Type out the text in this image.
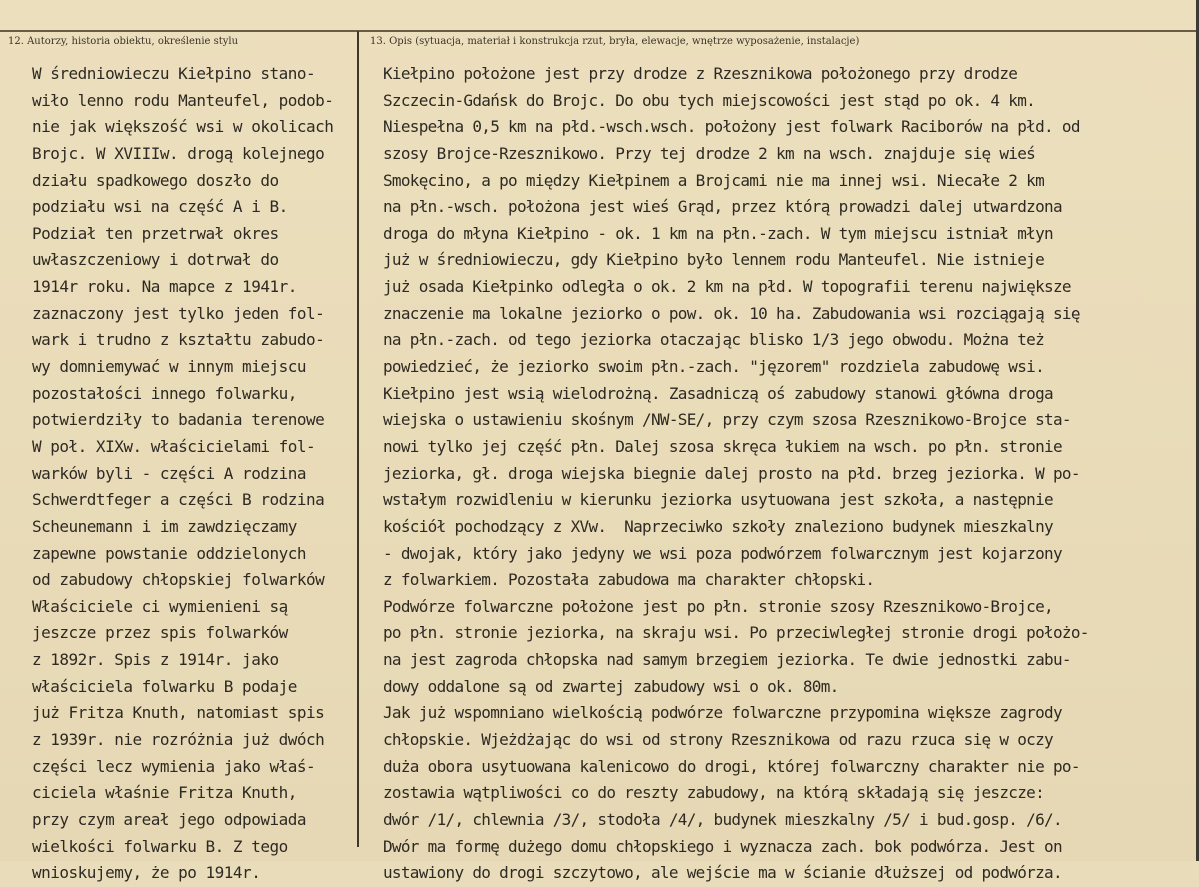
12. Autorzy, historia obiektu, określenie stylu	13. Opis (sytuacja, materiał i konstrukcja rzut, bryła, elewacje, wnętrze wyposażenie, instalacje)
W średniowieczu Kiełpino stano-
wiło lenno rodu Manteufel, podob-
nie jak większość wsi w okolicach
Brojc. W XVIIIw. drogą kolejnego
działu spadkowego doszło do
podziału wsi na część A i B.
Podział ten przetrwał okres
uwłaszczeniowy i dotrwał do
1914r roku. Na mapce z 1941r.
zaznaczony jest tylko jeden fol-
wark i trudno z kształtu zabudo-
wy domniemywać w innym miejscu
pozostałości innego folwarku,
potwierdziły to badania terenowe
W poł. XIXw. właścicielami fol-
warków byli - części A rodzina
Schwerdtfeger a części B rodzina
Scheunemann i im zawdzięczamy
zapewne powstanie oddzielonych
od zabudowy chłopskiej folwarków
Właściciele ci wymienieni są
jeszcze przez spis folwarków
z 1892r. Spis z 1914r. jako
właściciela folwarku B podaje
już Fritza Knuth, natomiast spis
z 1939r. nie rozróżnia już dwóch
części lecz wymienia jako właś-
ciciela właśnie Fritza Knuth,
przy czym areał jego odpowiada
wielkości folwarku B. Z tego
wnioskujemy, że po 1914r.
Kiełpino położone jest przy drodze z Rzesznikowa położonego przy drodze
Szczecin-Gdańsk do Brojc. Do obu tych miejscowości jest stąd po ok. 4 km.
Niespełna 0,5 km na płd.-wsch.wsch. położony jest folwark Raciborów na płd. od
szosy Brojce-Rzesznikowo. Przy tej drodze 2 km na wsch. znajduje się wieś
Smokęcino, a po między Kiełpinem a Brojcami nie ma innej wsi. Niecałe 2 km
na płn.-wsch. położona jest wieś Grąd, przez którą prowadzi dalej utwardzona
droga do młyna Kiełpino - ok. 1 km na płn.-zach. W tym miejscu istniał młyn
już w średniowieczu, gdy Kiełpino było lennem rodu Manteufel. Nie istnieje
już osada Kiełpinko odległa o ok. 2 km na płd. W topografii terenu największe
znaczenie ma lokalne jeziorko o pow. ok. 10 ha. Zabudowania wsi rozciągają się
na płn.-zach. od tego jeziorka otaczając blisko 1/3 jego obwodu. Można też
powiedzieć, że jeziorko swoim płn.-zach. "jęzorem" rozdziela zabudowę wsi.
Kiełpino jest wsią wielodrożną. Zasadniczą oś zabudowy stanowi główna droga
wiejska o ustawieniu skośnym /NW-SE/, przy czym szosa Rzesznikowo-Brojce sta-
nowi tylko jej część płn. Dalej szosa skręca łukiem na wsch. po płn. stronie
jeziorka, gł. droga wiejska biegnie dalej prosto na płd. brzeg jeziorka. W po-
wstałym rozwidleniu w kierunku jeziorka usytuowana jest szkoła, a następnie
kościół pochodzący z XVw.  Naprzeciwko szkoły znaleziono budynek mieszkalny
- dwojak, który jako jedyny we wsi poza podwórzem folwarcznym jest kojarzony
z folwarkiem. Pozostała zabudowa ma charakter chłopski.
Podwórze folwarczne położone jest po płn. stronie szosy Rzesznikowo-Brojce,
po płn. stronie jeziorka, na skraju wsi. Po przeciwległej stronie drogi położo-
na jest zagroda chłopska nad samym brzegiem jeziorka. Te dwie jednostki zabu-
dowy oddalone są od zwartej zabudowy wsi o ok. 80m.
Jak już wspomniano wielkością podwórze folwarczne przypomina większe zagrody
chłopskie. Wjeżdżając do wsi od strony Rzesznikowa od razu rzuca się w oczy
duża obora usytuowana kalenicowo do drogi, której folwarczny charakter nie po-
zostawia wątpliwości co do reszty zabudowy, na którą składają się jeszcze:
dwór /1/, chlewnia /3/, stodoła /4/, budynek mieszkalny /5/ i bud.gosp. /6/.
Dwór ma formę dużego domu chłopskiego i wyznacza zach. bok podwórza. Jest on
ustawiony do drogi szczytowo, ale wejście ma w ścianie dłuższej od podwórza.
